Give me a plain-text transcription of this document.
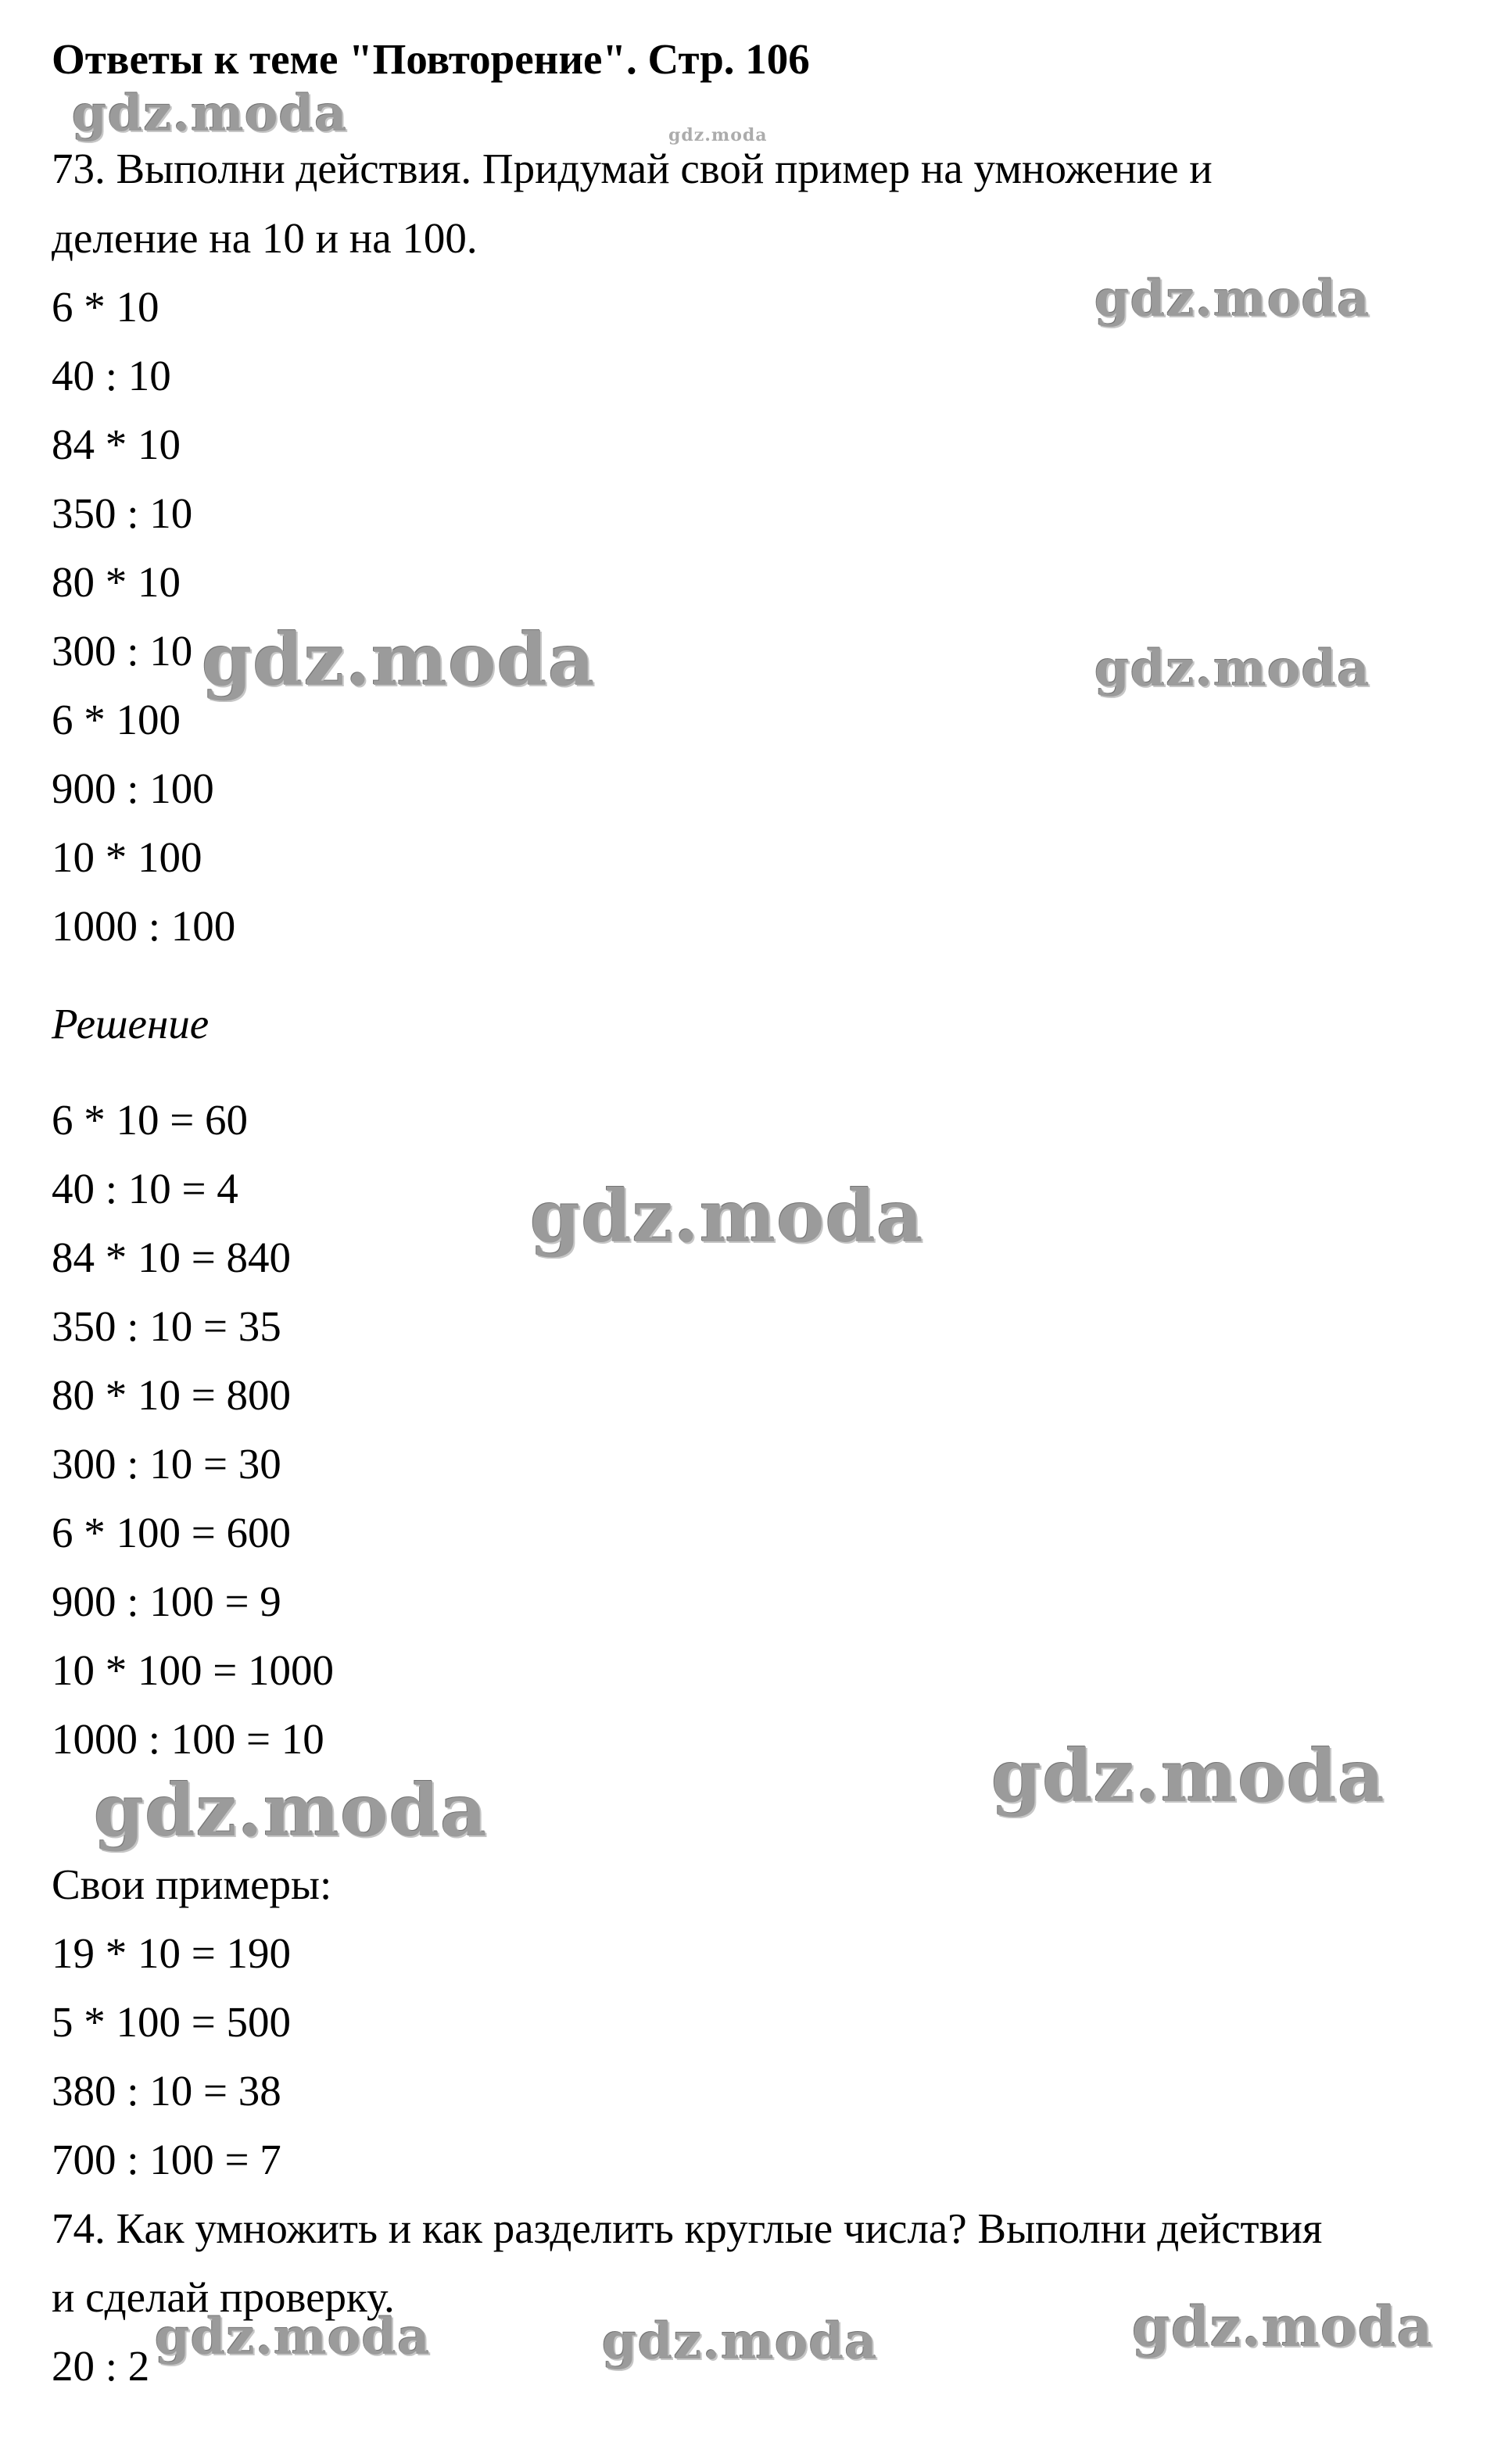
Ответы к теме "Повторение". Стр. 106
73. Выполни действия. Придумай свой пример на умножение и
деление на 10 и на 100.
6 * 10
40 : 10
84 * 10
350 : 10
80 * 10
300 : 10
6 * 100
900 : 100
10 * 100
1000 : 100
Решение
6 * 10 = 60
40 : 10 = 4
84 * 10 = 840
350 : 10 = 35
80 * 10 = 800
300 : 10 = 30
6 * 100 = 600
900 : 100 = 9
10 * 100 = 1000
1000 : 100 = 10
Свои примеры:
19 * 10 = 190
5 * 100 = 500
380 : 10 = 38
700 : 100 = 7
74. Как умножить и как разделить круглые числа? Выполни действия
и сделай проверку.
20 : 2
gdz.moda	gdz.moda
gdz.moda
gdz.moda	gdz.moda
gdz.moda
gdz.moda
gdz.moda
gdz.moda	gdz.moda	gdz.moda
